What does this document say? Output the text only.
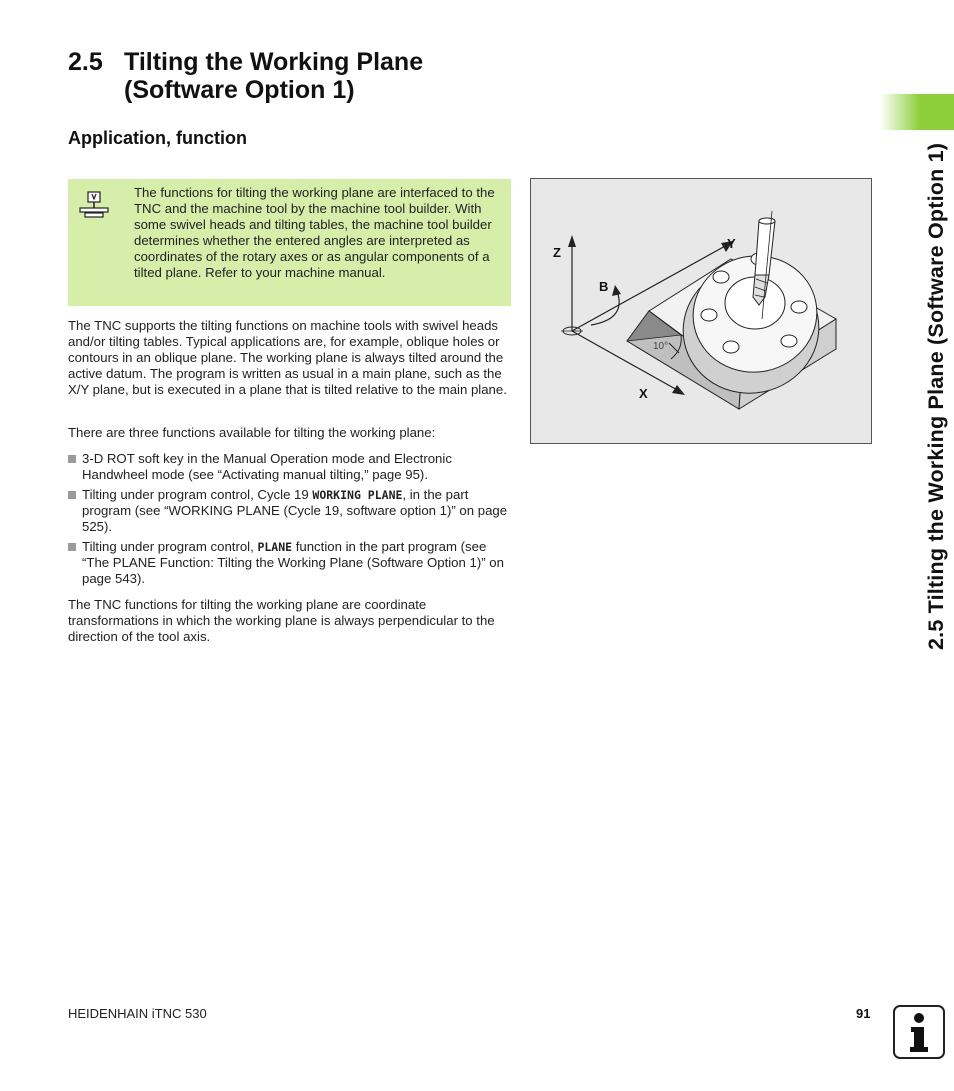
2.5 Tilting the Working Plane
(Software Option 1)
Application, function
The functions for tilting the working plane are interfaced to the TNC and the machine tool by the machine tool builder. With some swivel heads and tilting tables, the machine tool builder determines whether the entered angles are interpreted as coordinates of the rotary axes or as angular components of a tilted plane. Refer to your machine manual.
The TNC supports the tilting functions on machine tools with swivel heads and/or tilting tables. Typical applications are, for example, oblique holes or contours in an oblique plane. The working plane is always tilted around the active datum. The program is written as usual in a main plane, such as the X/Y plane, but is executed in a plane that is tilted relative to the main plane.
There are three functions available for tilting the working plane:
3-D ROT soft key in the Manual Operation mode and Electronic Handwheel mode (see “Activating manual tilting,” page 95).
Tilting under program control, Cycle 19 WORKING PLANE, in the part program (see “WORKING PLANE (Cycle 19, software option 1)” on page 525).
Tilting under program control, PLANE function in the part program (see “The PLANE Function: Tilting the Working Plane (Software Option 1)” on page 543).
The TNC functions for tilting the working plane are coordinate transformations in which the working plane is always perpendicular to the direction of the tool axis.
Z
Y
B
X
10°	2.5 Tilting the Working Plane (Software Option 1)
HEIDENHAIN iTNC 530	91
